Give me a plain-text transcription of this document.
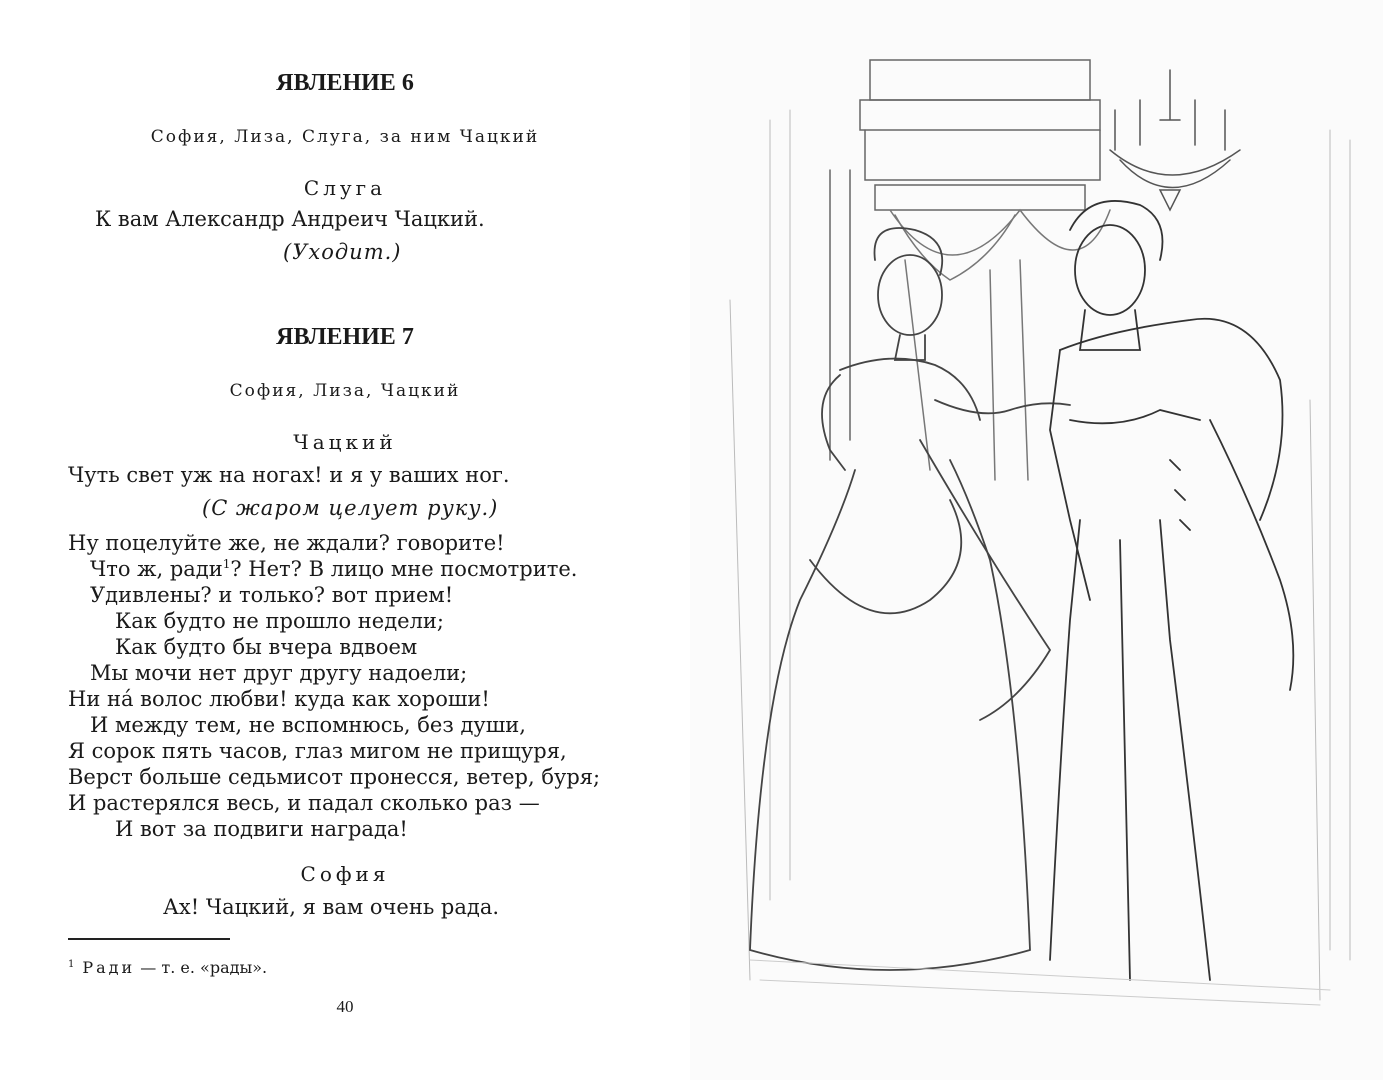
ЯВЛЕНИЕ 6
София, Лиза, Слуга, за ним Чацкий
Слуга
К вам Александр Андреич Чацкий.
(Уходит.)
ЯВЛЕНИЕ 7
София, Лиза, Чацкий
Чацкий
Чуть свет уж на ногах! и я у ваших ног.
(С жаром целует руку.)
Ну поцелуйте же, не ждали? говорите!
Что ж, ради$^1$? Нет? В лицо мне посмотрите.
Удивлены? и только? вот прием!
Как будто не прошло недели;
Как будто бы вчера вдвоем
Мы мочи нет друг другу надоели;
Ни нá волос любви! куда как хороши!
И между тем, не вспомнюсь, без души,
Я сорок пять часов, глаз мигом не прищуря,
Верст больше седьмисот пронесся, ветер, буря;
И растерялся весь, и падал сколько раз —
И вот за подвиги награда!
София
Ах! Чацкий, я вам очень рада.
$^1$ Ради — т. е. «рады».
40
